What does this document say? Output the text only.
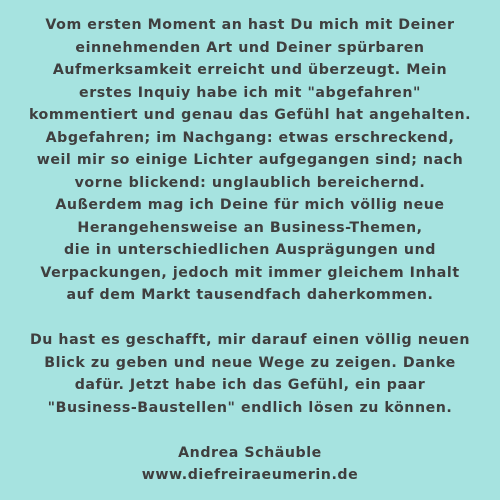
Vom ersten Moment an hast Du mich mit Deiner
einnehmenden Art und Deiner spürbaren
Aufmerksamkeit erreicht und überzeugt. Mein
erstes Inquiy habe ich mit "abgefahren"
kommentiert und genau das Gefühl hat angehalten.
Abgefahren; im Nachgang: etwas erschreckend,
weil mir so einige Lichter aufgegangen sind; nach
vorne blickend: unglaublich bereichernd.
Außerdem mag ich Deine für mich völlig neue
Herangehensweise an Business-Themen,
die in unterschiedlichen Ausprägungen und
Verpackungen, jedoch mit immer gleichem Inhalt
auf dem Markt tausendfach daherkommen.

Du hast es geschafft, mir darauf einen völlig neuen
Blick zu geben und neue Wege zu zeigen. Danke
dafür. Jetzt habe ich das Gefühl, ein paar
"Business-Baustellen" endlich lösen zu können.

Andrea Schäuble
www.diefreiraeumerin.de
